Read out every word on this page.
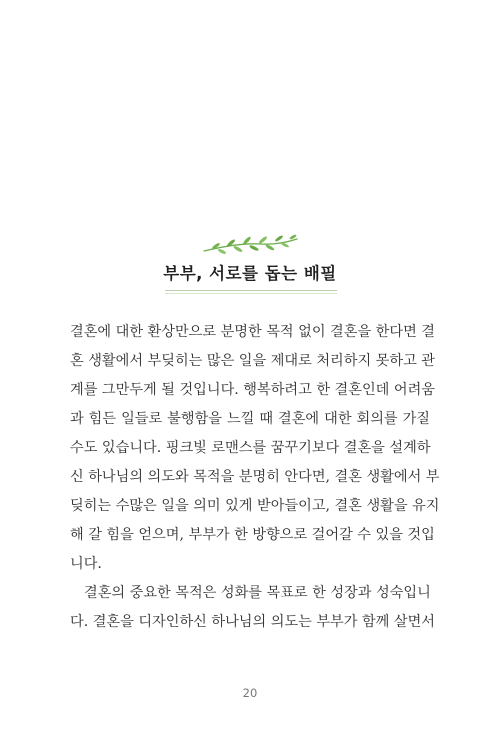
부부, 서로를 돕는 배필
결혼에 대한 환상만으로 분명한 목적 없이 결혼을 한다면 결
혼 생활에서 부딪히는 많은 일을 제대로 처리하지 못하고 관
계를 그만두게 될 것입니다. 행복하려고 한 결혼인데 어려움
과 힘든 일들로 불행함을 느낄 때 결혼에 대한 회의를 가질
수도 있습니다. 핑크빛 로맨스를 꿈꾸기보다 결혼을 설계하
신 하나님의 의도와 목적을 분명히 안다면, 결혼 생활에서 부
딪히는 수많은 일을 의미 있게 받아들이고, 결혼 생활을 유지
해 갈 힘을 얻으며, 부부가 한 방향으로 걸어갈 수 있을 것입
니다.
결혼의 중요한 목적은 성화를 목표로 한 성장과 성숙입니
다. 결혼을 디자인하신 하나님의 의도는 부부가 함께 살면서
20
